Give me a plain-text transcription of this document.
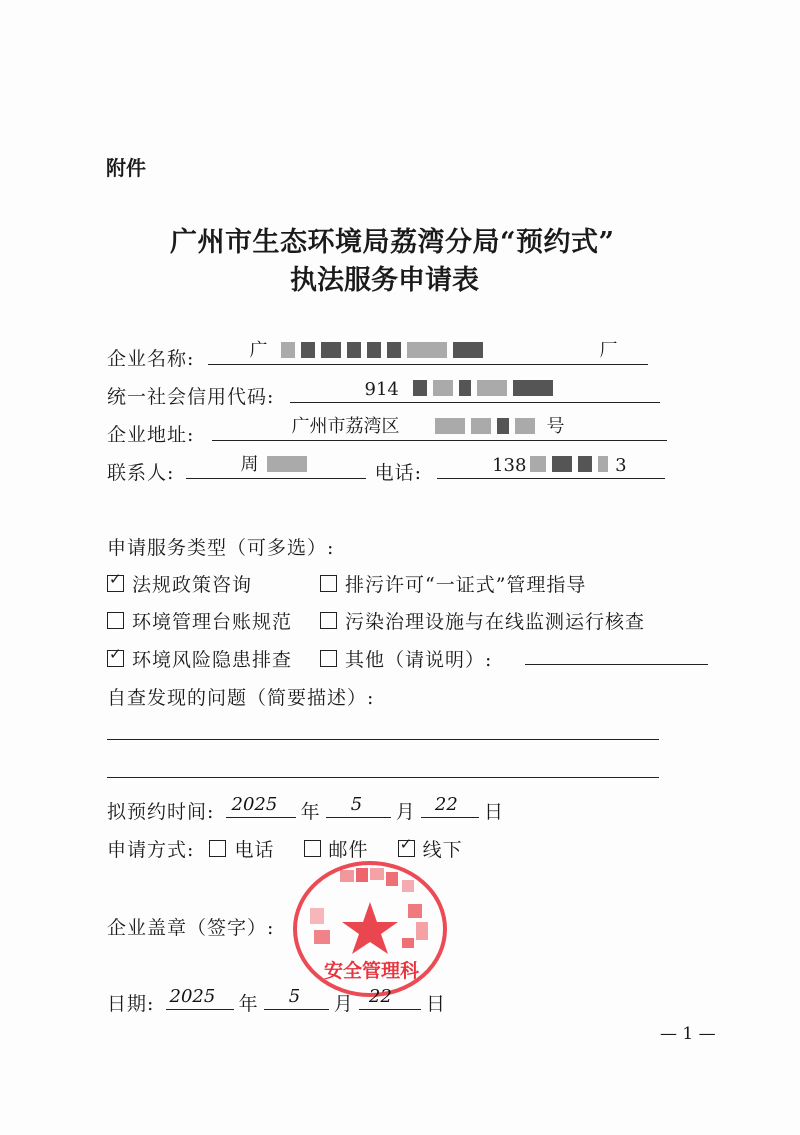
附件
广州市生态环境局荔湾分局“预约式”
执法服务申请表
企业名称:	广	厂
统一社会信用代码:	914
企业地址:	广州市荔湾区	号
联系人:	周	电话:	138	3
申请服务类型（可多选）:
✓ 法规政策咨询	排污许可“一证式”管理指导
环境管理台账规范	污染治理设施与在线监测运行核查
✓ 环境风险隐患排查	其他（请说明）:
自查发现的问题（简要描述）:
拟预约时间: 2025 年 5 月 22 日
申请方式: 电话	邮件 ✓ 线下
企业盖章（签字）:
安全管理科
日期: 2025 年 5 月 22 日
— 1 —
